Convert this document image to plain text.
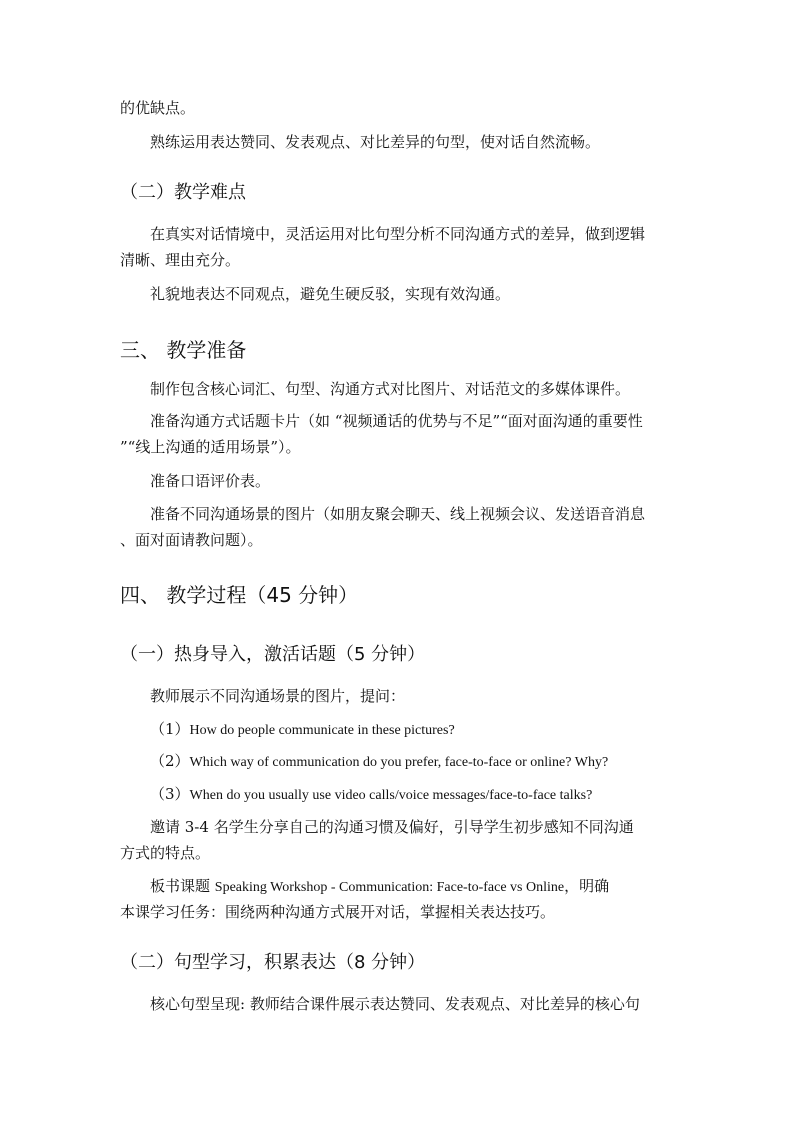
的优缺点。
熟练运用表达赞同、发表观点、对比差异的句型，使对话自然流畅。
（二）教学难点
在真实对话情境中，灵活运用对比句型分析不同沟通方式的差异，做到逻辑
清晰、理由充分。
礼貌地表达不同观点，避免生硬反驳，实现有效沟通。
三、 教学准备
制作包含核心词汇、句型、沟通方式对比图片、对话范文的多媒体课件。
准备沟通方式话题卡片（如 “视频通话的优势与不足”“面对面沟通的重要性
”“线上沟通的适用场景”）。
准备口语评价表。
准备不同沟通场景的图片（如朋友聚会聊天、线上视频会议、发送语音消息
、面对面请教问题）。
四、 教学过程（45 分钟）
（一）热身导入，激活话题（5 分钟）
教师展示不同沟通场景的图片，提问：
（1）How do people communicate in these pictures?
（2）Which way of communication do you prefer, face-to-face or online? Why?
（3）When do you usually use video calls/voice messages/face-to-face talks?
邀请 3-4 名学生分享自己的沟通习惯及偏好，引导学生初步感知不同沟通
方式的特点。
板书课题 Speaking Workshop - Communication: Face-to-face vs Online，明确
本课学习任务：围绕两种沟通方式展开对话，掌握相关表达技巧。
（二）句型学习，积累表达（8 分钟）
核心句型呈现: 教师结合课件展示表达赞同、发表观点、对比差异的核心句
